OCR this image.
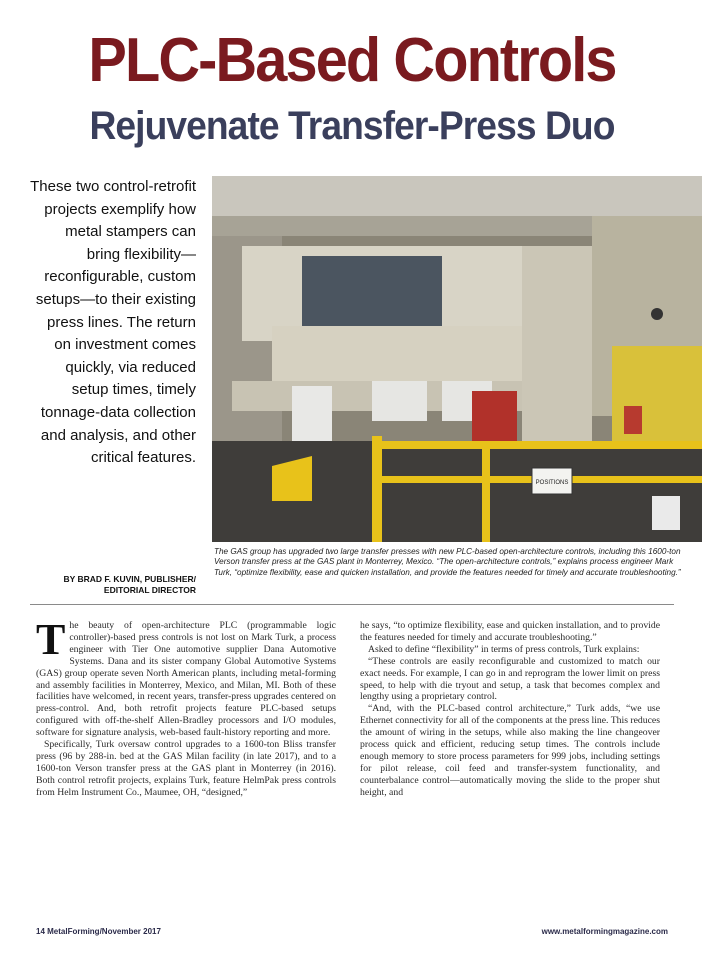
PLC-Based Controls
Rejuvenate Transfer-Press Duo
These two control-retrofit projects exemplify how metal stampers can bring flexibility—reconfigurable, custom setups—to their existing press lines. The return on investment comes quickly, via reduced setup times, timely tonnage-data collection and analysis, and other critical features.
POSITIONS
The GAS group has upgraded two large transfer presses with new PLC-based open-architecture controls, including this 1600-ton Verson transfer press at the GAS plant in Monterrey, Mexico. “The open-architecture controls,” explains process engineer Mark Turk, “optimize flexibility, ease and quicken installation, and provide the features needed for timely and accurate troubleshooting.”
BY BRAD F. KUVIN, PUBLISHER/
EDITORIAL DIRECTOR

The beauty of open-architecture PLC (programmable logic controller)-based press controls is not lost on Mark Turk, a process engineer with Tier One automotive supplier Dana Automotive Systems. Dana and its sister company Global Automotive Systems (GAS) group operate seven North American plants, including metal-forming and assembly facilities in Monterrey, Mexico, and Milan, MI. Both of these facilities have welcomed, in recent years, transfer-press upgrades centered on press-control. And, both retrofit projects feature PLC-based setups configured with off-the-shelf Allen-Bradley processors and I/O modules, software for signature analysis, web-based fault-history reporting and more.

Specifically, Turk oversaw control upgrades to a 1600-ton Bliss transfer press (96 by 288-in. bed at the GAS Milan facility (in late 2017), and to a 1600-ton Verson transfer press at the GAS plant in Monterrey (in 2016). Both control retrofit projects, explains Turk, feature HelmPak press controls from Helm Instrument Co., Maumee, OH, “designed,”

he says, “to optimize flexibility, ease and quicken installation, and to provide the features needed for timely and accurate troubleshooting.”

Asked to define “flexibility” in terms of press controls, Turk explains:

“These controls are easily reconfigurable and customized to match our exact needs. For example, I can go in and reprogram the lower limit on press speed, to help with die tryout and setup, a task that becomes complex and lengthy using a proprietary control.

“And, with the PLC-based control architecture,” Turk adds, “we use Ethernet connectivity for all of the components at the press line. This reduces the amount of wiring in the setups, while also making the line changeover process quick and efficient, reducing setup times. The controls include enough memory to store process parameters for 999 jobs, including settings for pilot release, coil feed and transfer-system functionality, and counterbalance control—automatically moving the slide to the proper shut height, and

14 MetalForming/November 2017	www.metalformingmagazine.com
